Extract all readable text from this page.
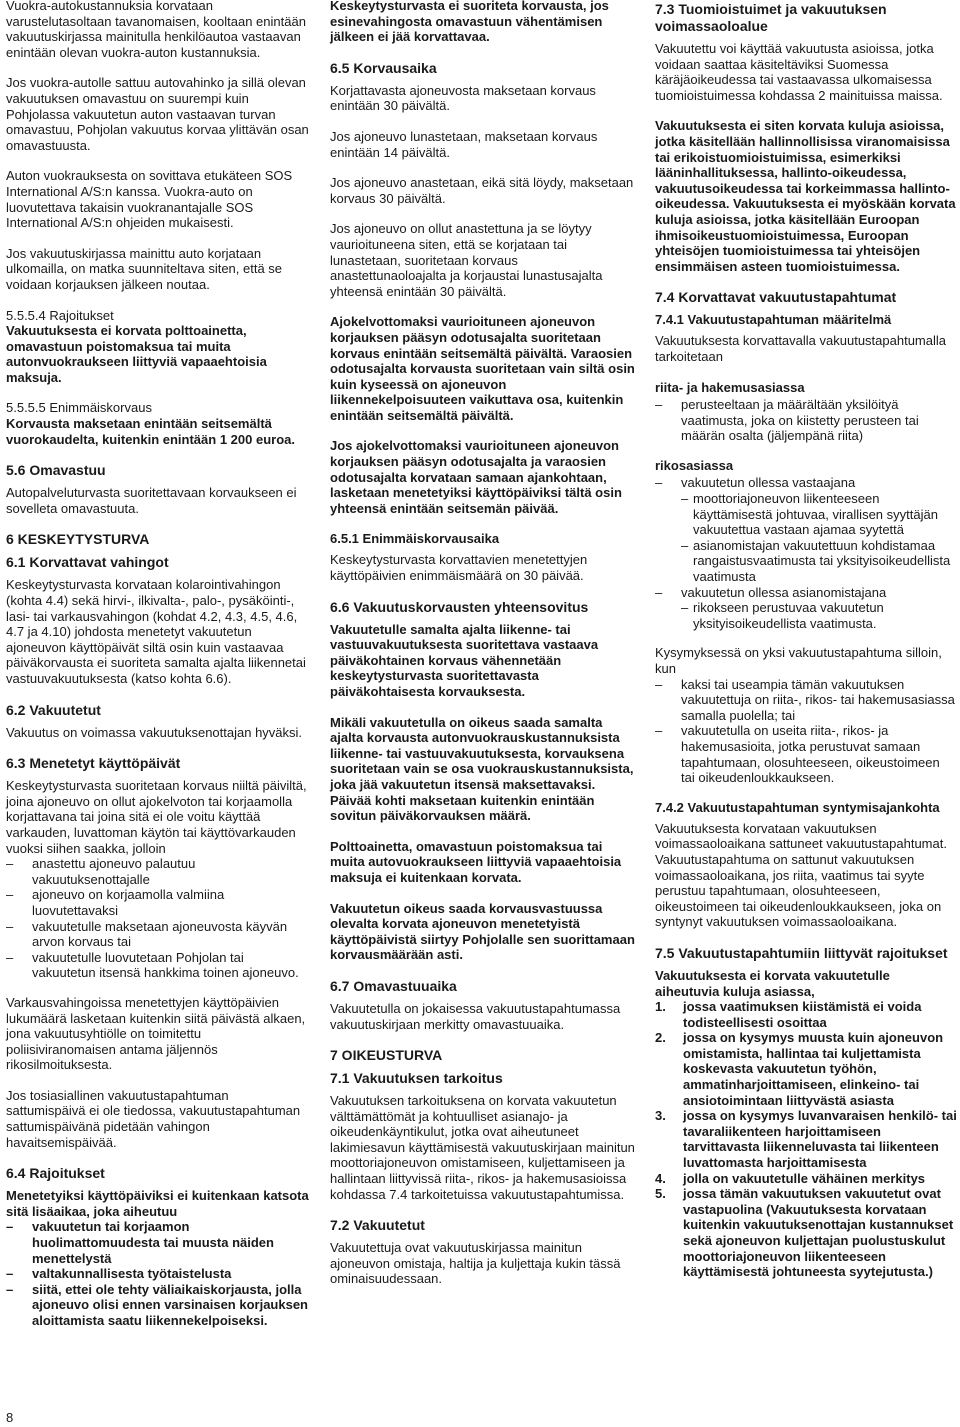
Vuokra-autokustannuksia korvataan varustelutasoltaan tavanomaisen, kooltaan enintään vakuutuskirjassa mainitulla henkilöautoa vastaavan enintään olevan vuokra-auton kustannuksia.

Jos vuokra-autolle sattuu autovahinko ja sillä olevan vakuutuksen omavastuu on suurempi kuin Pohjolassa vakuutetun auton vastaavan turvan omavastuu, Pohjolan vakuutus korvaa ylittävän osan omavastuusta.

Auton vuokrauksesta on sovittava etukäteen SOS International A/S:n kanssa. Vuokra-auto on luovutettava takaisin vuokranantajalle SOS International A/S:n ohjeiden mukaisesti.

Jos vakuutuskirjassa mainittu auto korjataan ulkomailla, on matka suunniteltava siten, että se voidaan korjauksen jälkeen noutaa.

5.5.5.4 Rajoitukset
Vakuutuksesta ei korvata polttoainetta, omavastuun poistomaksua tai muita autonvuokraukseen liittyviä vapaaehtoisia maksuja.

5.5.5.5 Enimmäiskorvaus
Korvausta maksetaan enintään seitsemältä vuorokaudelta, kuitenkin enintään 1 200 euroa.

5.6 Omavastuu

Autopalveluturvasta suoritettavaan korvaukseen ei sovelleta omavastuuta.

6 KESKEYTYSTURVA
6.1 Korvattavat vahingot

Keskeytysturvasta korvataan kolarointivahingon (kohta 4.4) sekä hirvi-, ilkivalta-, palo-, pysäköinti-, lasi- tai varkausvahingon (kohdat 4.2, 4.3, 4.5, 4.6, 4.7 ja 4.10) johdosta menetetyt vakuutetun ajoneuvon käyttöpäivät siltä osin kuin vastaavaa päiväkorvausta ei suoriteta samalta ajalta liikennetai vastuuvakuutuksesta (katso kohta 6.6).

6.2 Vakuutetut

Vakuutus on voimassa vakuutuksenottajan hyväksi.

6.3 Menetetyt käyttöpäivät

Keskeytysturvasta suoritetaan korvaus niiltä päiviltä, joina ajoneuvo on ollut ajokelvoton tai korjaamolla korjattavana tai joina sitä ei ole voitu käyttää varkauden, luvattoman käytön tai käyttövarkauden vuoksi siihen saakka, jolloin

– anastettu ajoneuvo palautuu vakuutuksenottajalle
– ajoneuvo on korjaamolla valmiina luovutettavaksi
– vakuutetulle maksetaan ajoneuvosta käyvän arvon korvaus tai
– vakuutetulle luovutetaan Pohjolan tai vakuutetun itsensä hankkima toinen ajoneuvo.

Varkausvahingoissa menetettyjen käyttöpäivien lukumäärä lasketaan kuitenkin siitä päivästä alkaen, jona vakuutusyhtiölle on toimitettu poliisiviranomaisen antama jäljennös rikosilmoituksesta.

Jos tosiasiallinen vakuutustapahtuman sattumispäivä ei ole tiedossa, vakuutustapahtuman sattumispäivänä pidetään vahingon havaitsemispäivää.

6.4 Rajoitukset

Menetetyiksi käyttöpäiviksi ei kuitenkaan katsota sitä lisäaikaa, joka aiheutuu

– vakuutetun tai korjaamon huolimattomuudesta tai muusta näiden menettelystä
– valtakunnallisesta työtaistelusta
– siitä, ettei ole tehty väliaikaiskorjausta, jolla ajoneuvo olisi ennen varsinaisen korjauksen aloittamista saatu liikennekelpoiseksi.

Keskeytysturvasta ei suoriteta korvausta, jos esinevahingosta omavastuun vähentämisen jälkeen ei jää korvattavaa.

6.5 Korvausaika

Korjattavasta ajoneuvosta maksetaan korvaus enintään 30 päivältä.

Jos ajoneuvo lunastetaan, maksetaan korvaus enintään 14 päivältä.

Jos ajoneuvo anastetaan, eikä sitä löydy, maksetaan korvaus 30 päivältä.

Jos ajoneuvo on ollut anastettuna ja se löytyy vaurioituneena siten, että se korjataan tai lunastetaan, suoritetaan korvaus anastettunaoloajalta ja korjaustai lunastusajalta yhteensä enintään 30 päivältä.

Ajokelvottomaksi vaurioituneen ajoneuvon korjauksen pääsyn odotusajalta suoritetaan korvaus enintään seitsemältä päivältä. Varaosien odotusajalta korvausta suoritetaan vain siltä osin kuin kyseessä on ajoneuvon liikennekelpoisuuteen vaikuttava osa, kuitenkin enintään seitsemältä päivältä.

Jos ajokelvottomaksi vaurioituneen ajoneuvon korjauksen pääsyn odotusajalta ja varaosien odotusajalta korvataan samaan ajankohtaan, lasketaan menetetyiksi käyttöpäiviksi tältä osin yhteensä enintään seitsemän päivää.

6.5.1 Enimmäiskorvausaika

Keskeytysturvasta korvattavien menetettyjen käyttöpäivien enimmäismäärä on 30 päivää.

6.6 Vakuutuskorvausten yhteensovitus

Vakuutetulle samalta ajalta liikenne- tai vastuuvakuutuksesta suoritettava vastaava päiväkohtainen korvaus vähennetään keskeytysturvasta suoritettavasta päiväkohtaisesta korvauksesta.

Mikäli vakuutetulla on oikeus saada samalta ajalta korvausta autonvuokrauskustannuksista liikenne- tai vastuuvakuutuksesta, korvauksena suoritetaan vain se osa vuokrauskustannuksista, joka jää vakuutetun itsensä maksettavaksi. Päivää kohti maksetaan kuitenkin enintään sovitun päiväkorvauksen määrä.

Polttoainetta, omavastuun poistomaksua tai muita autovuokraukseen liittyviä vapaaehtoisia maksuja ei kuitenkaan korvata.

Vakuutetun oikeus saada korvausvastuussa olevalta korvata ajoneuvon menetetyistä käyttöpäivistä siirtyy Pohjolalle sen suorittamaan korvausmäärään asti.

6.7 Omavastuuaika

Vakuutetulla on jokaisessa vakuutustapahtumassa vakuutuskirjaan merkitty omavastuuaika.

7 OIKEUSTURVA
7.1 Vakuutuksen tarkoitus

Vakuutuksen tarkoituksena on korvata vakuutetun välttämättömät ja kohtuulliset asianajo- ja oikeudenkäyntikulut, jotka ovat aiheutuneet lakimiesavun käyttämisestä vakuutuskirjaan mainitun moottoriajoneuvon omistamiseen, kuljettamiseen ja hallintaan liittyvissä riita-, rikos- ja hakemusasioissa kohdassa 7.4 tarkoitetuissa vakuutustapahtumissa.

7.2 Vakuutetut

Vakuutettuja ovat vakuutuskirjassa mainitun ajoneuvon omistaja, haltija ja kuljettaja kukin tässä ominaisuudessaan.

7.3 Tuomioistuimet ja vakuutuksen voimassaoloalue

Vakuutettu voi käyttää vakuutusta asioissa, jotka voidaan saattaa käsiteltäviksi Suomessa käräjäoikeudessa tai vastaavassa ulkomaisessa tuomioistuimessa kohdassa 2 mainituissa maissa.

Vakuutuksesta ei siten korvata kuluja asioissa, jotka käsitellään hallinnollisissa viranomaisissa tai erikoistuomioistuimissa, esimerkiksi lääninhallituksessa, hallinto-oikeudessa, vakuutusoikeudessa tai korkeimmassa hallinto-oikeudessa. Vakuutuksesta ei myöskään korvata kuluja asioissa, jotka käsitellään Euroopan ihmisoikeustuomioistuimessa, Euroopan yhteisöjen tuomioistuimessa tai yhteisöjen ensimmäisen asteen tuomioistuimessa.

7.4 Korvattavat vakuutustapahtumat
7.4.1 Vakuutustapahtuman määritelmä

Vakuutuksesta korvattavalla vakuutustapahtumalla tarkoitetaan

riita- ja hakemusasiassa

– perusteeltaan ja määrältään yksilöityä vaatimusta, joka on kiistetty perusteen tai määrän osalta (jäljempänä riita)

rikosasiassa

– vakuutetun ollessa vastaajana
– moottoriajoneuvon liikenteeseen käyttämisestä johtuvaa, virallisen syyttäjän vakuutettua vastaan ajamaa syytettä
– asianomistajan vakuutettuun kohdistamaa rangaistusvaatimusta tai yksityisoikeudellista vaatimusta
– vakuutetun ollessa asianomistajana
– rikokseen perustuvaa vakuutetun yksityisoikeudellista vaatimusta.

Kysymyksessä on yksi vakuutustapahtuma silloin, kun

– kaksi tai useampia tämän vakuutuksen vakuutettuja on riita-, rikos- tai hakemusasiassa samalla puolella; tai
– vakuutetulla on useita riita-, rikos- ja hakemusasioita, jotka perustuvat samaan tapahtumaan, olosuhteeseen, oikeustoimeen tai oikeudenloukkaukseen.
7.4.2 Vakuutustapahtuman syntymisajankohta

Vakuutuksesta korvataan vakuutuksen voimassaoloaikana sattuneet vakuutustapahtumat. Vakuutustapahtuma on sattunut vakuutuksen voimassaoloaikana, jos riita, vaatimus tai syyte perustuu tapahtumaan, olosuhteeseen, oikeustoimeen tai oikeudenloukkaukseen, joka on syntynyt vakuutuksen voimassaoloaikana.

7.5 Vakuutustapahtumiin liittyvät rajoitukset

Vakuutuksesta ei korvata vakuutetulle aiheutuvia kuluja asiassa,

1. jossa vaatimuksen kiistämistä ei voida todisteellisesti osoittaa
2. jossa on kysymys muusta kuin ajoneuvon omistamista, hallintaa tai kuljettamista koskevasta vakuutetun työhön, ammatinharjoittamiseen, elinkeino- tai ansiotoimintaan liittyvästä asiasta
3. jossa on kysymys luvanvaraisen henkilö- tai tavaraliikenteen harjoittamiseen tarvittavasta liikenneluvasta tai liikenteen luvattomasta harjoittamisesta
4. jolla on vakuutetulle vähäinen merkitys
5. jossa tämän vakuutuksen vakuutetut ovat vastapuolina (Vakuutuksesta korvataan kuitenkin vakuutuksenottajan kustannukset sekä ajoneuvon kuljettajan puolustuskulut moottoriajoneuvon liikenteeseen käyttämisestä johtuneesta syytejutusta.)
8
